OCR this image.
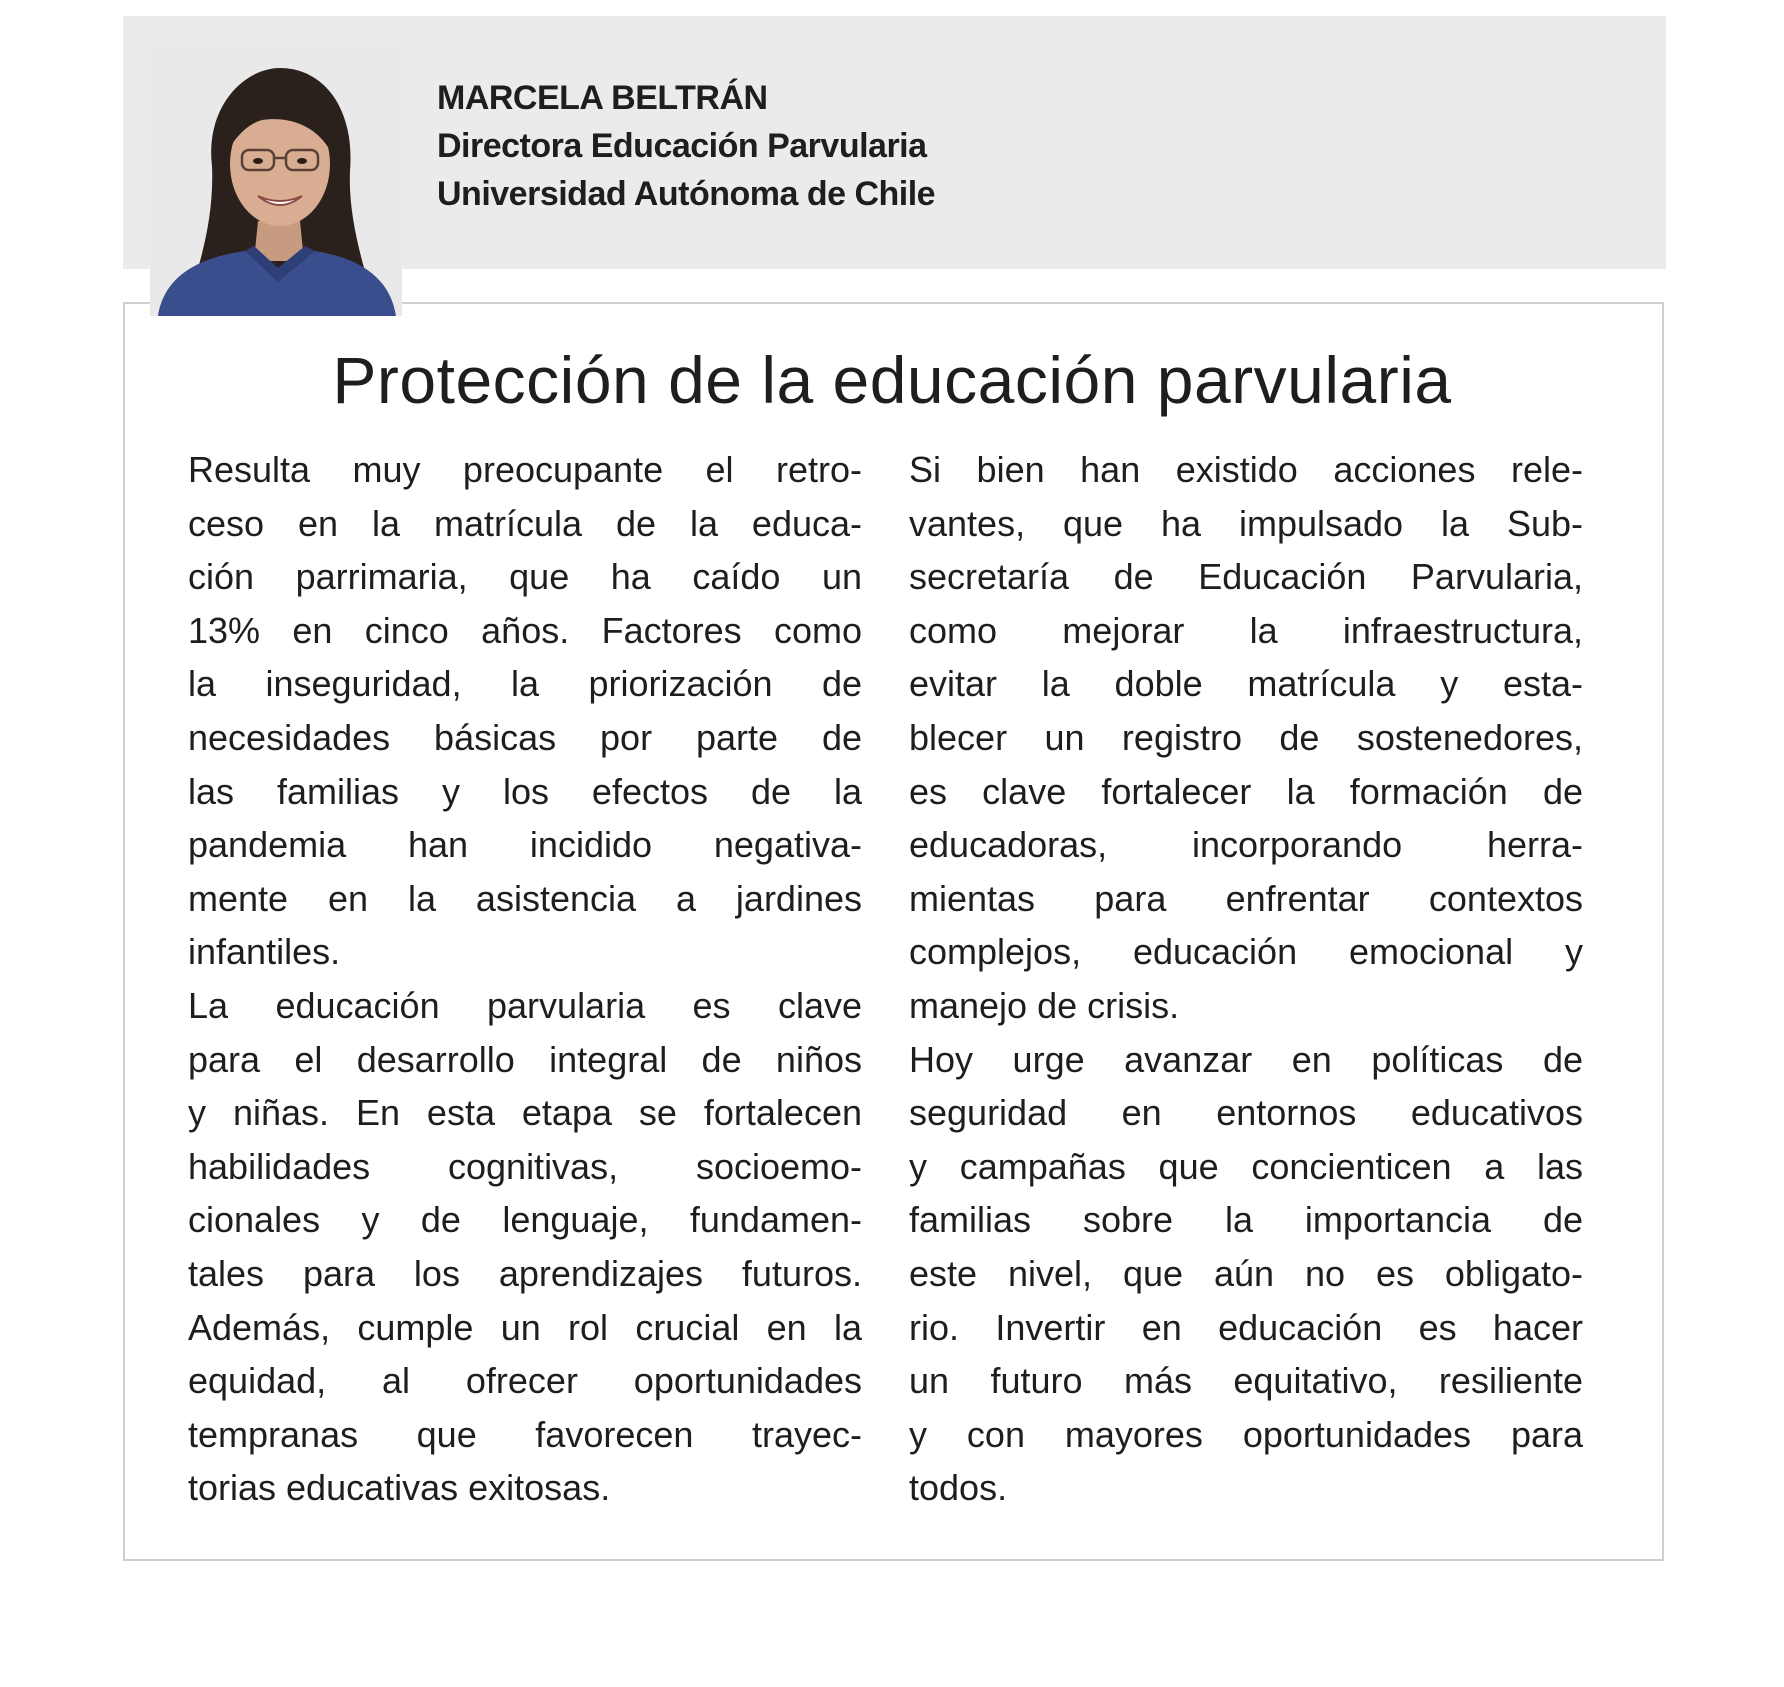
MARCELA BELTRÁN
Directora Educación Parvularia
Universidad Autónoma de Chile
Protección de la educación parvularia
Resulta muy preocupante el retro-
ceso en la matrícula de la educa-
ción parrimaria, que ha caído un
13% en cinco años. Factores como
la inseguridad, la priorización de
necesidades básicas por parte de
las familias y los efectos de la
pandemia han incidido negativa-
mente en la asistencia a jardines
infantiles.
La educación parvularia es clave
para el desarrollo integral de niños
y niñas. En esta etapa se fortalecen
habilidades cognitivas, socioemo-
cionales y de lenguaje, fundamen-
tales para los aprendizajes futuros.
Además, cumple un rol crucial en la
equidad, al ofrecer oportunidades
tempranas que favorecen trayec-
torias educativas exitosas.
Si bien han existido acciones rele-
vantes, que ha impulsado la Sub-
secretaría de Educación Parvularia,
como mejorar la infraestructura,
evitar la doble matrícula y esta-
blecer un registro de sostenedores,
es clave fortalecer la formación de
educadoras, incorporando herra-
mientas para enfrentar contextos
complejos, educación emocional y
manejo de crisis.
Hoy urge avanzar en políticas de
seguridad en entornos educativos
y campañas que concienticen a las
familias sobre la importancia de
este nivel, que aún no es obligato-
rio. Invertir en educación es hacer
un futuro más equitativo, resiliente
y con mayores oportunidades para
todos.
